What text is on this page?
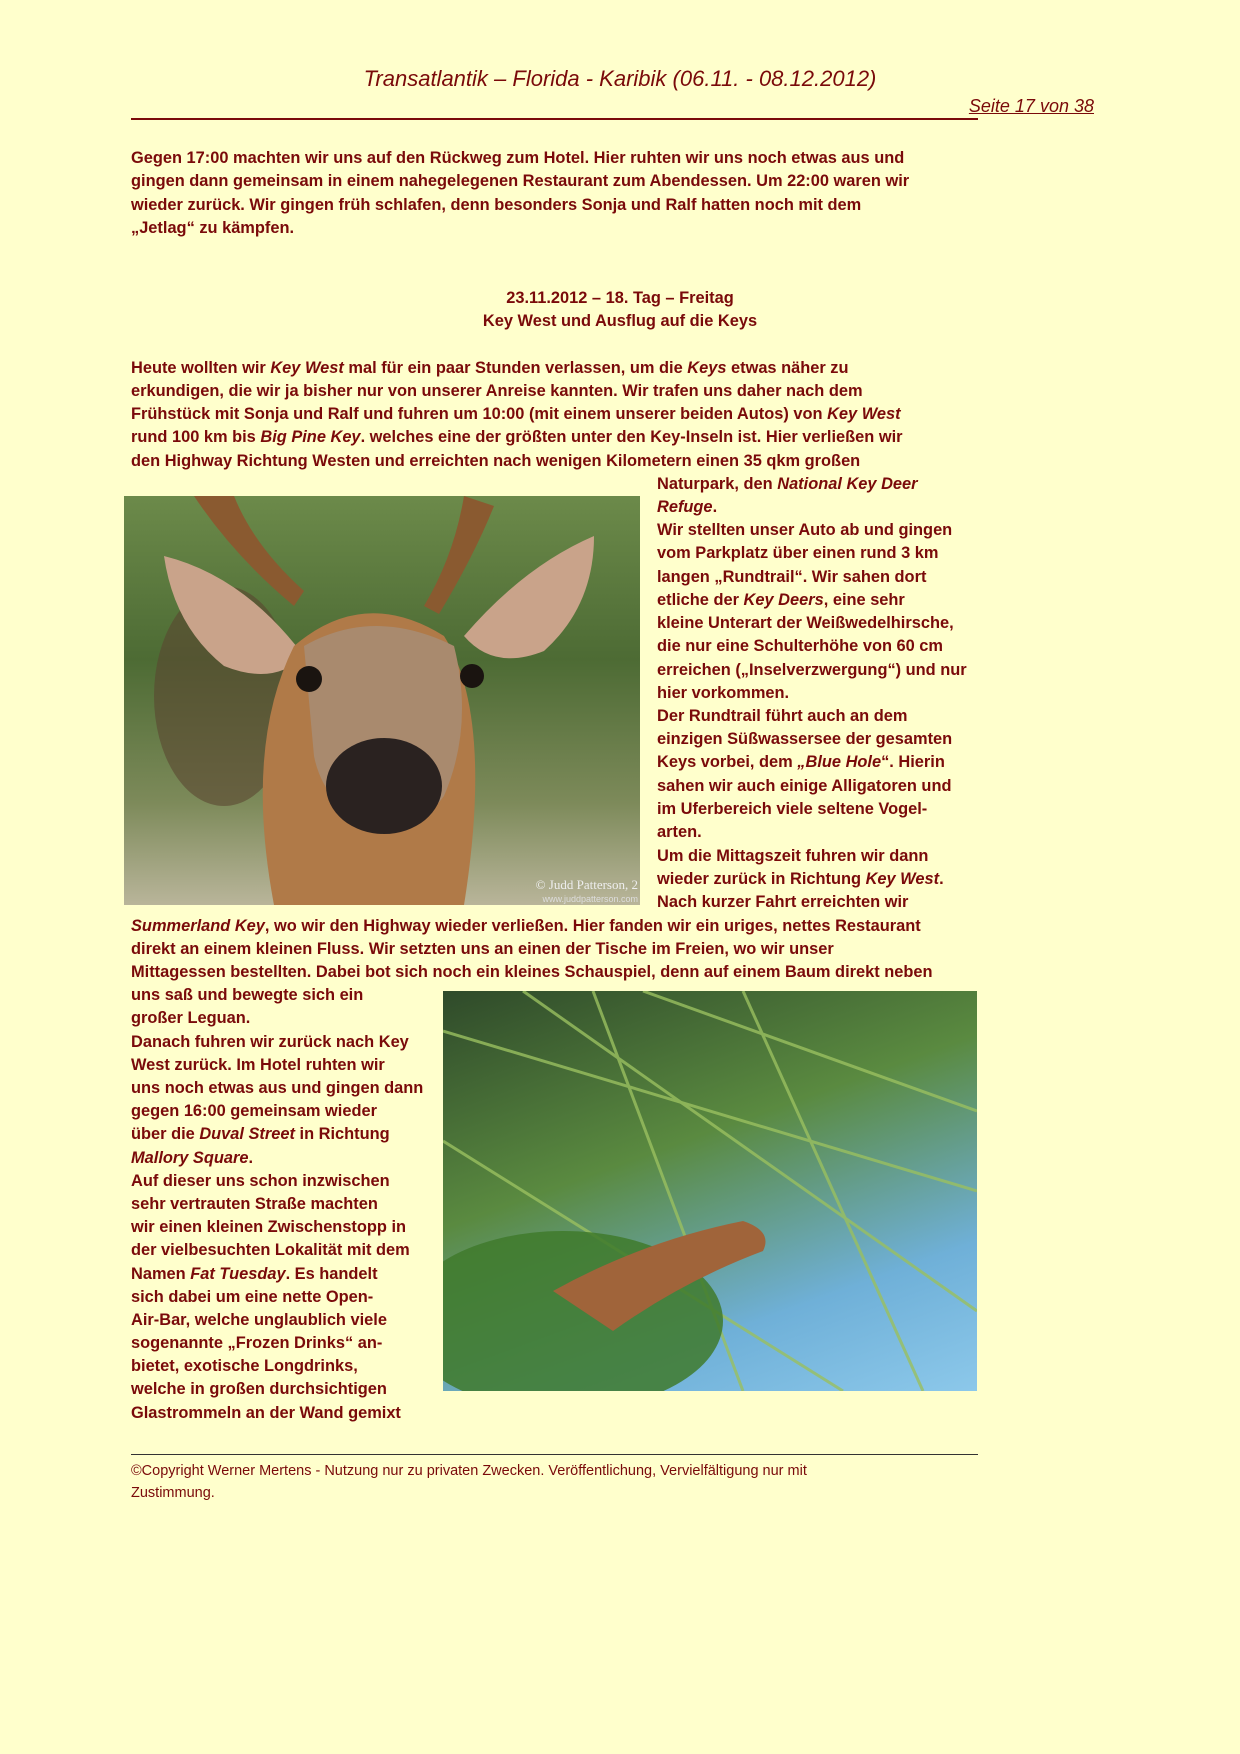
Transatlantik – Florida - Karibik (06.11. - 08.12.2012)
Seite 17 von 38
23.11.2012 – 18. Tag – Freitag
Key West und Ausflug auf die Keys
Gegen 17:00 machten wir uns auf den Rückweg zum Hotel. Hier ruhten wir uns noch etwas aus und
gingen dann gemeinsam in einem nahegelegenen Restaurant zum Abendessen. Um 22:00 waren wir
wieder zurück. Wir gingen früh schlafen, denn besonders Sonja und Ralf hatten noch mit dem
„Jetlag“ zu kämpfen.
Heute wollten wir Key West mal für ein paar Stunden verlassen, um die Keys etwas näher zu
erkundigen, die wir ja bisher nur von unserer Anreise kannten. Wir trafen uns daher nach dem
Frühstück mit Sonja und Ralf und fuhren um 10:00 (mit einem unserer beiden Autos) von Key West
rund 100 km bis Big Pine Key. welches eine der größten unter den Key-Inseln ist. Hier verließen wir
den Highway Richtung Westen und erreichten nach wenigen Kilometern einen 35 qkm großen
Naturpark, den National Key Deer
Refuge.
Wir stellten unser Auto ab und gingen
vom Parkplatz über einen rund 3 km
langen „Rundtrail“. Wir sahen dort
etliche der Key Deers, eine sehr
kleine Unterart der Weißwedelhirsche,
die nur eine Schulterhöhe von 60 cm
erreichen („Inselverzwergung“) und nur
hier vorkommen.
Der Rundtrail führt auch an dem
einzigen Süßwassersee der gesamten
Keys vorbei, dem „Blue Hole“. Hierin
sahen wir auch einige Alligatoren und
im Uferbereich viele seltene Vogel-
arten.
Um die Mittagszeit fuhren wir dann
wieder zurück in Richtung Key West.
Nach kurzer Fahrt erreichten wir
Summerland Key, wo wir den Highway wieder verließen. Hier fanden wir ein uriges, nettes Restaurant
direkt an einem kleinen Fluss. Wir setzten uns an einen der Tische im Freien, wo wir unser
Mittagessen bestellten. Dabei bot sich noch ein kleines Schauspiel, denn auf einem Baum direkt neben
uns saß und bewegte sich ein
großer Leguan.
Danach fuhren wir zurück nach Key
West zurück. Im Hotel ruhten wir
uns noch etwas aus und gingen dann
gegen 16:00 gemeinsam wieder
über die Duval Street in Richtung
Mallory Square.
Auf dieser uns schon inzwischen
sehr vertrauten Straße machten
wir einen kleinen Zwischenstopp in
der vielbesuchten Lokalität mit dem
Namen Fat Tuesday. Es handelt
sich dabei um eine nette Open-
Air-Bar, welche unglaublich viele
sogenannte „Frozen Drinks“ an-
bietet, exotische Longdrinks,
welche in großen durchsichtigen
Glastrommeln an der Wand gemixt
© Judd Patterson, 2
www.juddpatterson.com
©Copyright Werner Mertens - Nutzung nur zu privaten Zwecken. Veröffentlichung, Vervielfältigung nur mit
Zustimmung.
